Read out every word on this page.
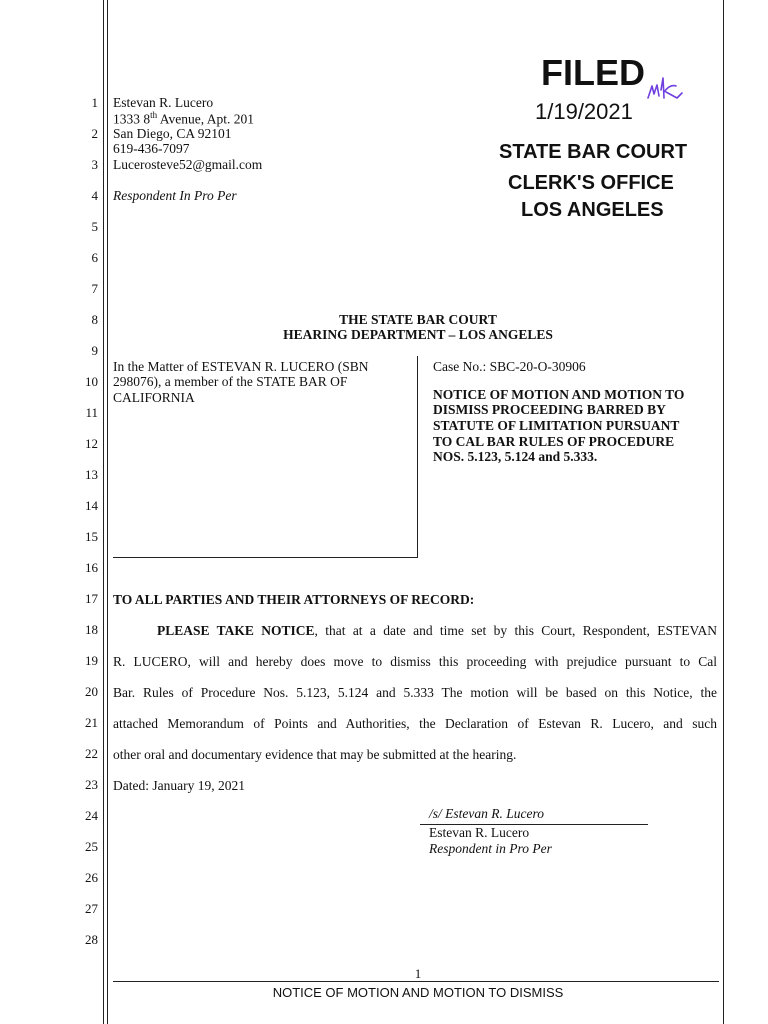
1
2
3
4
5
6
7
8
9
10
11
12
13
14
15
16
17
18
19
20
21
22
23
24
25
26
27
28
FILED
1/19/2021
STATE BAR COURT
CLERK'S OFFICE
LOS ANGELES
Estevan R. Lucero
1333 8th Avenue, Apt. 201
San Diego, CA 92101
619-436-7097
Lucerosteve52@gmail.com
Respondent In Pro Per
THE STATE BAR COURT
HEARING DEPARTMENT – LOS ANGELES
In the Matter of ESTEVAN R. LUCERO (SBN
298076), a member of the STATE BAR OF
CALIFORNIA
Case No.: SBC-20-O-30906
NOTICE OF MOTION AND MOTION TO
DISMISS PROCEEDING BARRED BY
STATUTE OF LIMITATION PURSUANT
TO CAL BAR RULES OF PROCEDURE
NOS. 5.123, 5.124 and 5.333.
TO ALL PARTIES AND THEIR ATTORNEYS OF RECORD:
PLEASE TAKE NOTICE, that at a date and time set by this Court, Respondent, ESTEVAN
R. LUCERO, will and hereby does move to dismiss this proceeding with prejudice pursuant to Cal
Bar. Rules of Procedure Nos. 5.123, 5.124 and 5.333 The motion will be based on this Notice, the
attached Memorandum of Points and Authorities, the Declaration of Estevan R. Lucero, and such
other oral and documentary evidence that may be submitted at the hearing.
Dated: January 19, 2021
/s/ Estevan R. Lucero
Estevan R. Lucero
Respondent in Pro Per
1
NOTICE OF MOTION AND MOTION TO DISMISS
